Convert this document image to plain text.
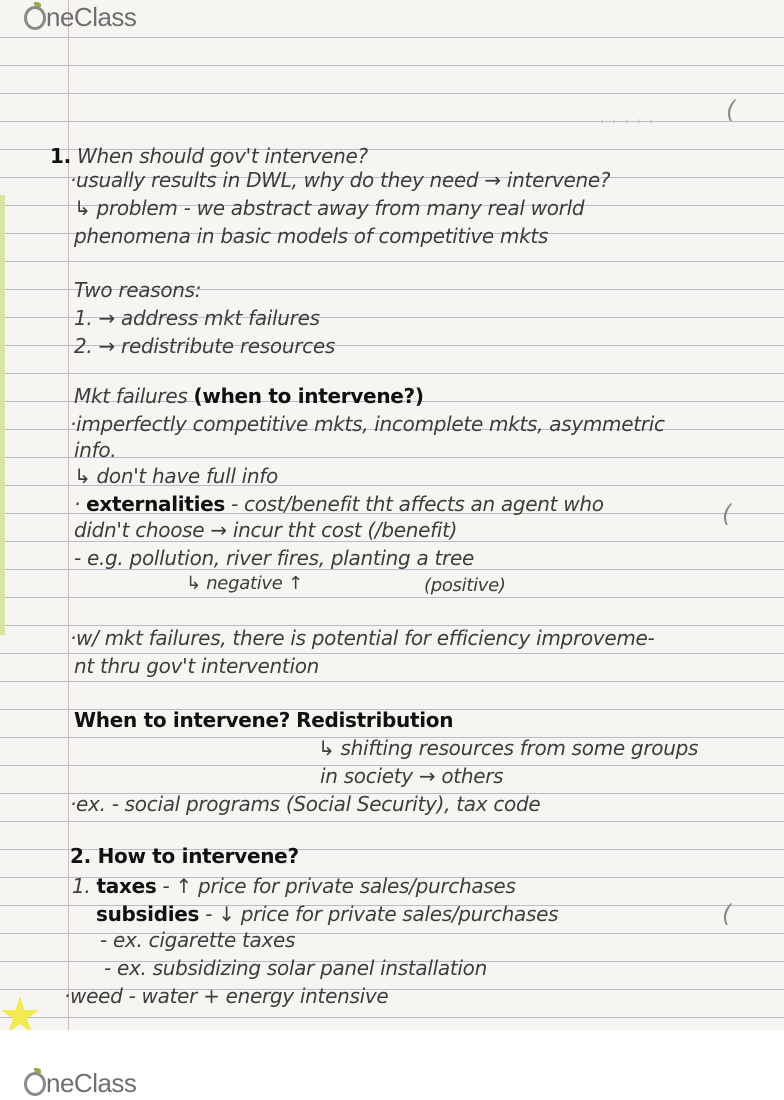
' ' ' ' '
(
(
(

1. When should gov't intervene?

·usually results in DWL, why do they need → intervene?

↳ problem - we abstract away from many real world

phenomena in basic models of competitive mkts

Two reasons:

1. → address mkt failures

2. → redistribute resources

Mkt failures (when to intervene?)

·imperfectly competitive mkts, incomplete mkts, asymmetric

info.

↳ don't have full info

· externalities - cost/benefit tht affects an agent who

didn't choose → incur tht cost (/benefit)

- e.g. pollution, river fires, planting a tree

↳ negative ↑	(positive)

·w/ mkt failures, there is potential for efficiency improveme-

nt thru gov't intervention

When to intervene? Redistribution

↳ shifting resources from some groups

in society → others

·ex. - social programs (Social Security), tax code

2. How to intervene?

1. taxes - ↑ price for private sales/purchases

subsidies - ↓ price for private sales/purchases

- ex. cigarette taxes

- ex. subsidizing solar panel installation

·weed - water + energy intensive

neClass
neClass
